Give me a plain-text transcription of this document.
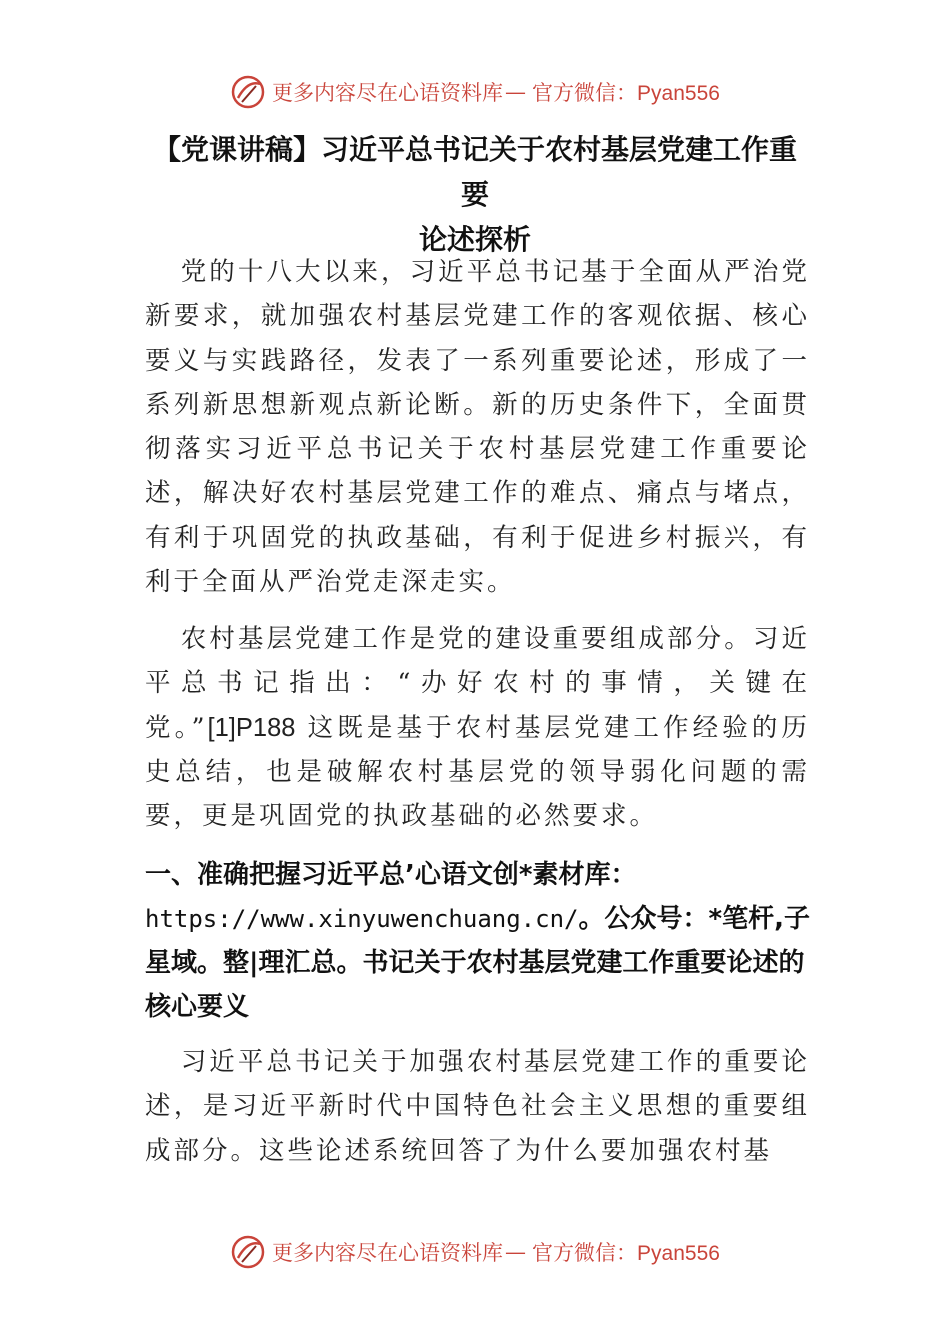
更多内容尽在心语资料库 — 官方微信：Pyan556
【党课讲稿】习近平总书记关于农村基层党建工作重要
论述探析

党的十八大以来，习近平总书记基于全面从严治党新要求，就加强农村基层党建工作的客观依据、核心要义与实践路径，发表了一系列重要论述，形成了一系列新思想新观点新论断。新的历史条件下，全面贯彻落实习近平总书记关于农村基层党建工作重要论述，解决好农村基层党建工作的难点、痛点与堵点，有利于巩固党的执政基础，有利于促进乡村振兴，有利于全面从严治党走深走实。

农村基层党建工作是党的建设重要组成部分。习近平总书记指出：“办好农村的事情，关键在党。”[1]P188 这既是基于农村基层党建工作经验的历史总结，也是破解农村基层党的领导弱化问题的需要，更是巩固党的执政基础的必然要求。

一、准确把握习近平总’心语文创*素材库：
https://www.xinyuwenchuang.cn/。公众号：*笔杆,子星域。整|理汇总。书记关于农村基层党建工作重要论述的核心要义

习近平总书记关于加强农村基层党建工作的重要论述，是习近平新时代中国特色社会主义思想的重要组成部分。这些论述系统回答了为什么要加强农村基

更多内容尽在心语资料库 — 官方微信：Pyan556
